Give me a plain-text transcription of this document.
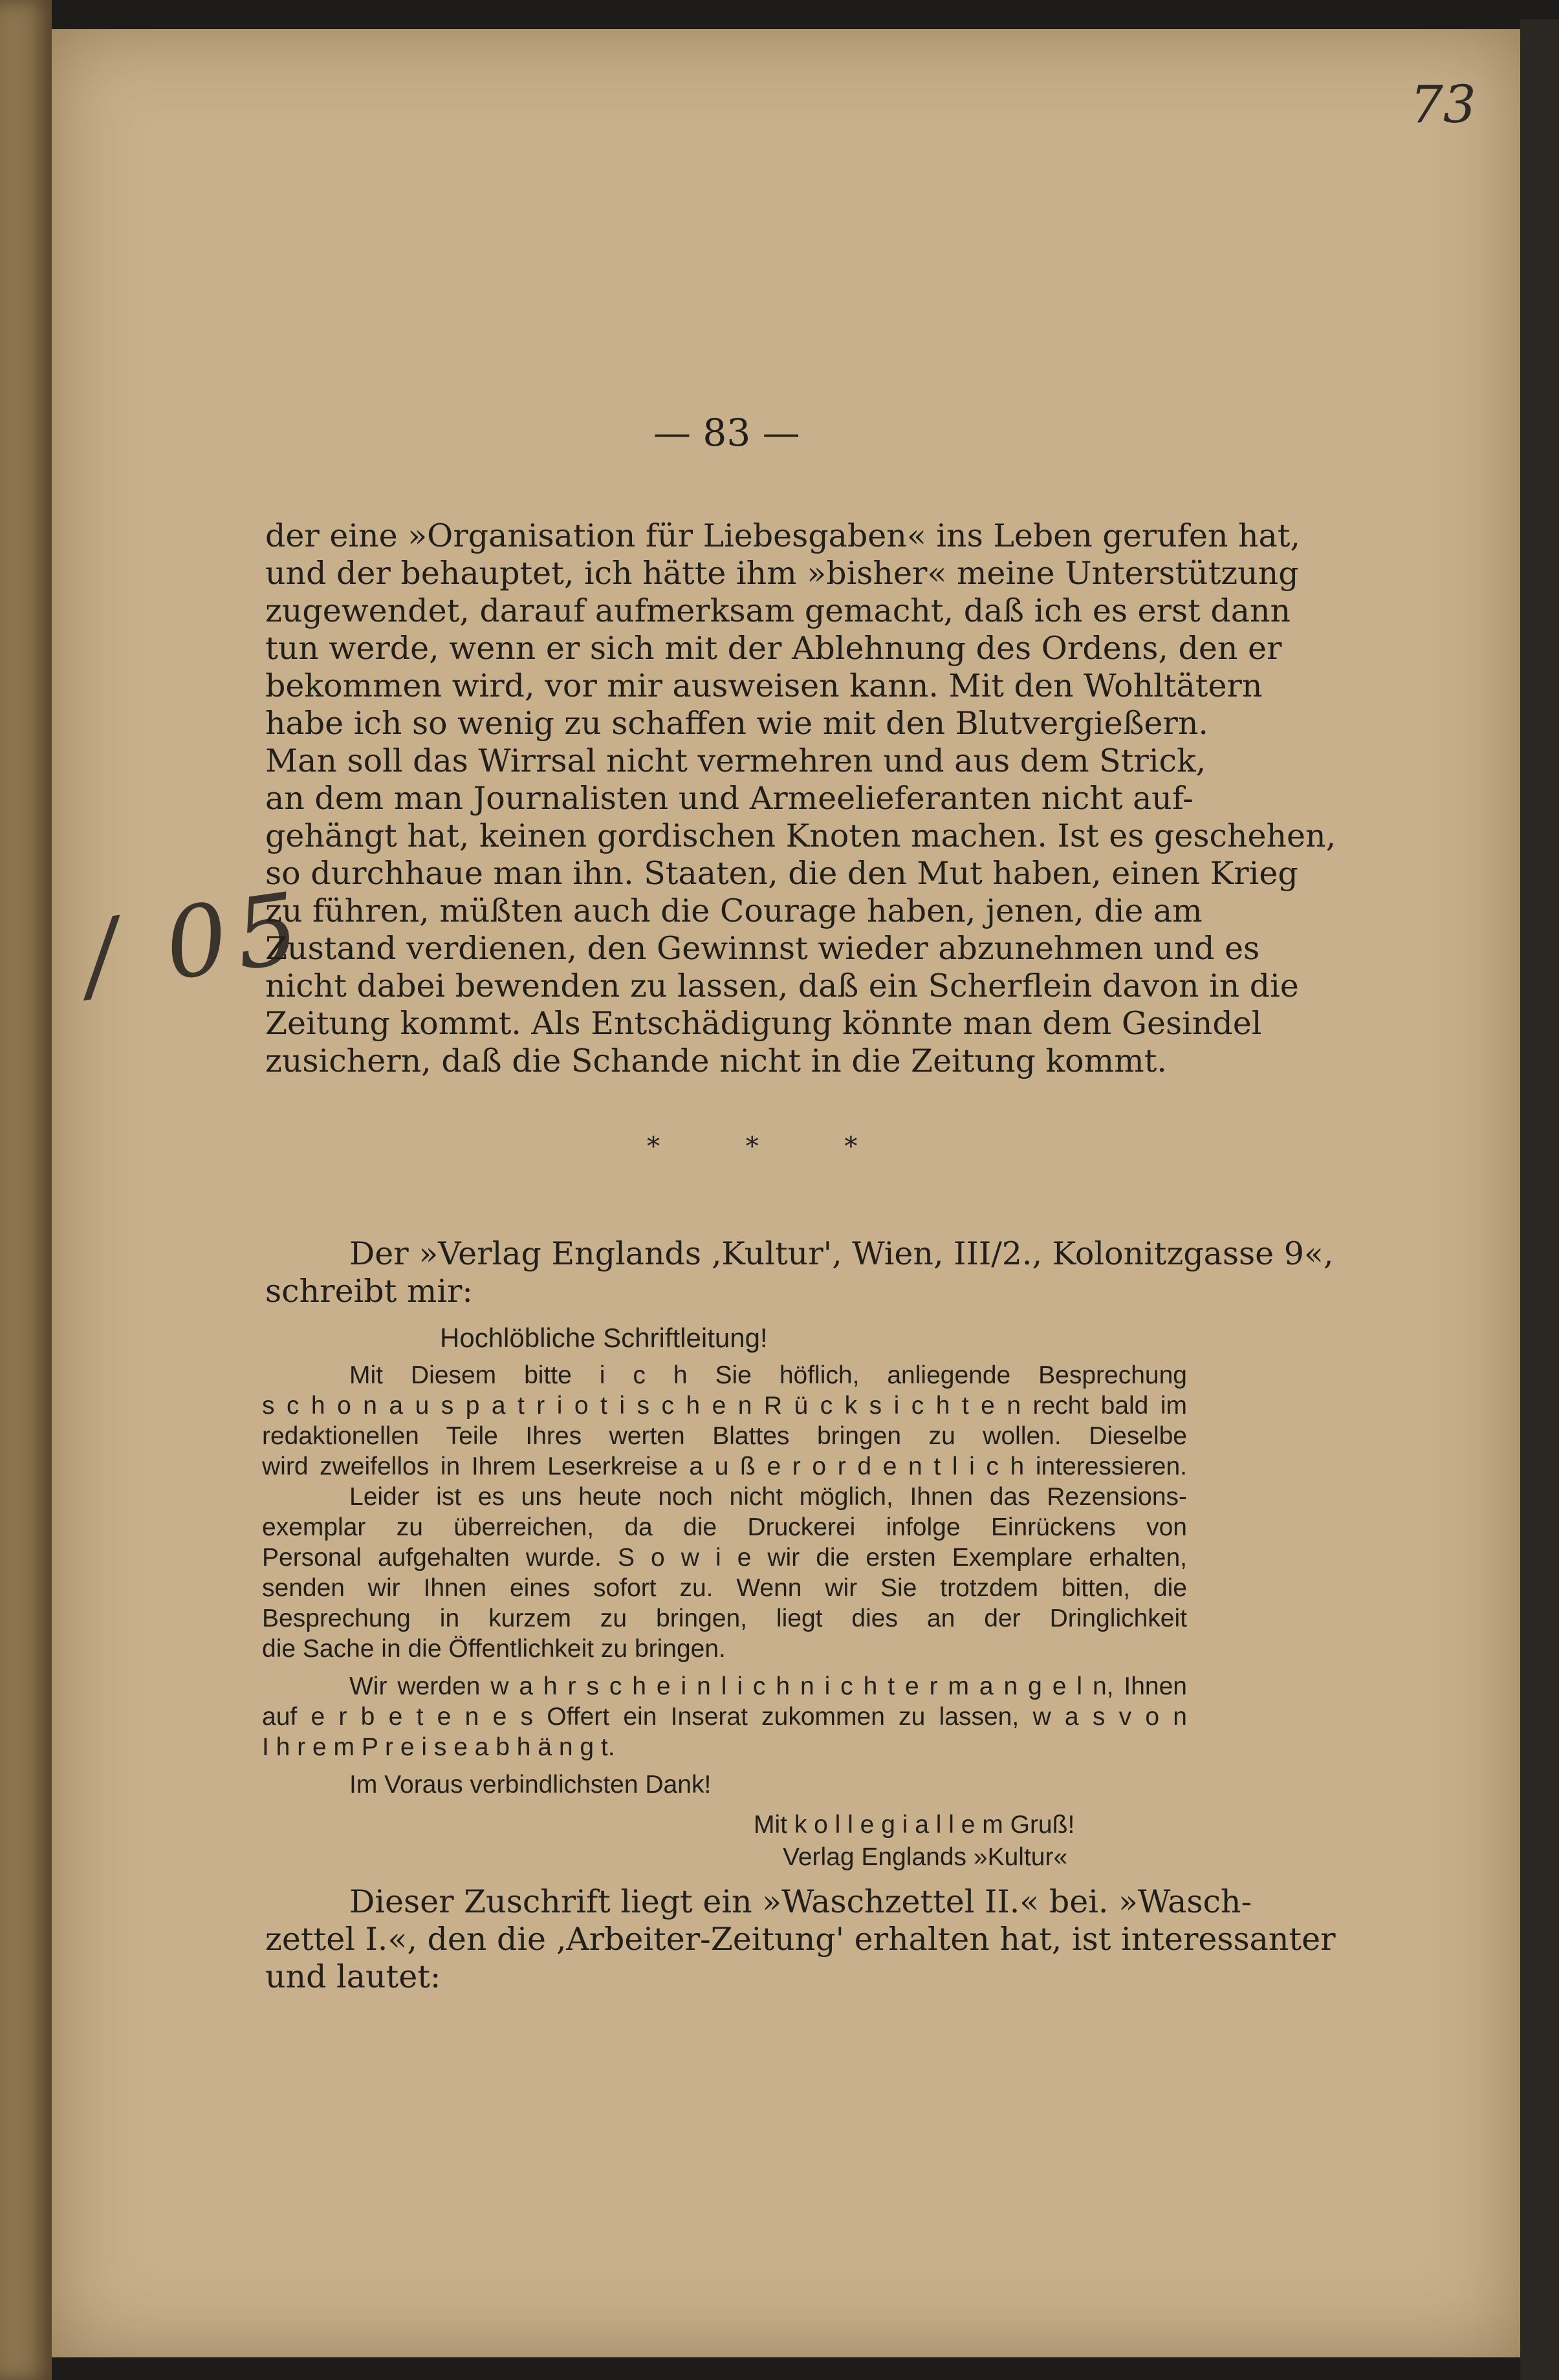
73
— 83 —
/ 05
der eine »Organisation für Liebesgaben« ins Leben gerufen hat,
und der behauptet, ich hätte ihm »bisher« meine Unterstützung
zugewendet, darauf aufmerksam gemacht, daß ich es erst dann
tun werde, wenn er sich mit der Ablehnung des Ordens, den er
bekommen wird, vor mir ausweisen kann. Mit den Wohltätern
habe ich so wenig zu schaffen wie mit den Blutvergießern.
Man soll das Wirrsal nicht vermehren und aus dem Strick,
an dem man Journalisten und Armeelieferanten nicht auf-
gehängt hat, keinen gordischen Knoten machen. Ist es geschehen,
so durchhaue man ihn. Staaten, die den Mut haben, einen Krieg
zu führen, müßten auch die Courage haben, jenen, die am
Zustand verdienen, den Gewinnst wieder abzunehmen und es
nicht dabei bewenden zu lassen, daß ein Scherflein davon in die
Zeitung kommt. Als Entschädigung könnte man dem Gesindel
zusichern, daß die Schande nicht in die Zeitung kommt.
* * *
Der »Verlag Englands ‚Kultur', Wien, III/2., Kolonitzgasse 9«,
schreibt mir:
Hochlöbliche Schriftleitung!
Mit Diesem bitte i c h Sie höflich, anliegende Besprechung
s c h o n a u s p a t r i o t i s c h e n R ü c k s i c h t e n recht bald im
redaktionellen Teile Ihres werten Blattes bringen zu wollen. Dieselbe
wird zweifellos in Ihrem Leserkreise a u ß e r o r d e n t l i c h interessieren.
Leider ist es uns heute noch nicht möglich, Ihnen das Rezensions-
exemplar zu überreichen, da die Druckerei infolge Einrückens von
Personal aufgehalten wurde. S o w i e wir die ersten Exemplare erhalten,
senden wir Ihnen eines sofort zu. Wenn wir Sie trotzdem bitten, die
Besprechung in kurzem zu bringen, liegt dies an der Dringlichkeit
die Sache in die Öffentlichkeit zu bringen.
Wir werden w a h r s c h e i n l i c h n i c h t e r m a n g e l n, Ihnen
auf e r b e t e n e s Offert ein Inserat zukommen zu lassen, w a s v o n
I h r e m P r e i s e a b h ä n g t.
Im Voraus verbindlichsten Dank!
Mit k o l l e g i a l l e m Gruß!
Verlag Englands »Kultur«
Dieser Zuschrift liegt ein »Waschzettel II.« bei. »Wasch-
zettel I.«, den die ‚Arbeiter-Zeitung' erhalten hat, ist interessanter
und lautet:
